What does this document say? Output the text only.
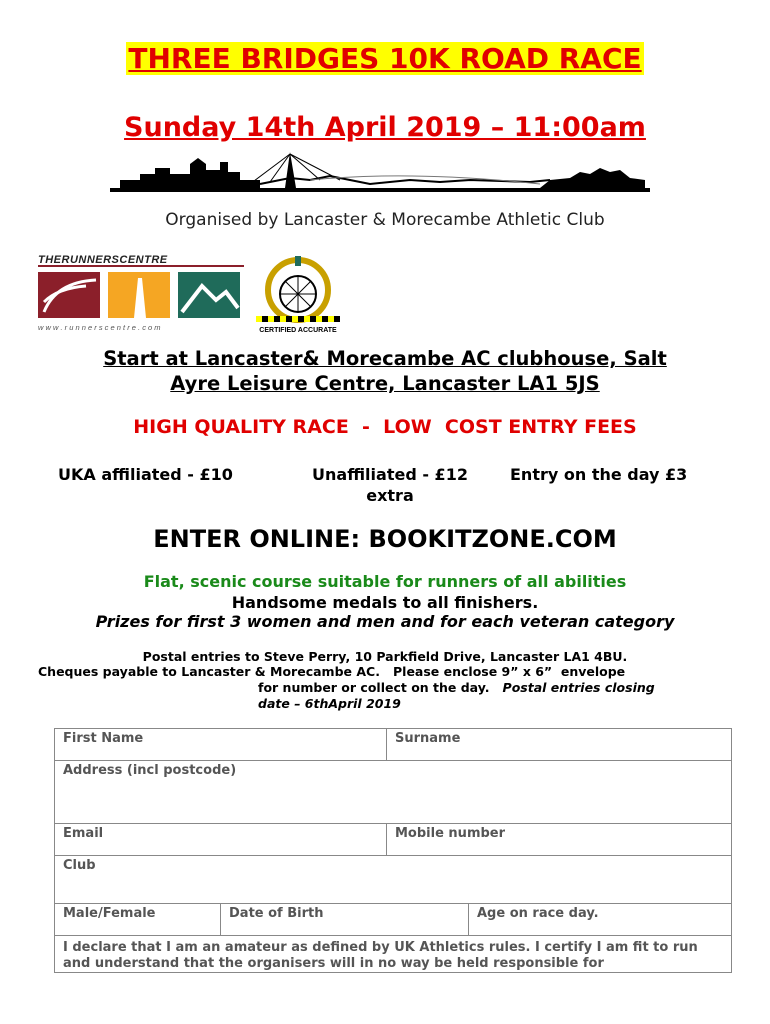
THREE BRIDGES 10K ROAD RACE
Sunday 14th April 2019 – 11:00am
Organised by Lancaster & Morecambe Athletic Club
THERUNNERSCENTRE
w w w . r u n n e r s c e n t r e . c o m	CERTIFIED ACCURATE
Start at Lancaster& Morecambe AC clubhouse, Salt
Ayre Leisure Centre, Lancaster LA1 5JS
HIGH QUALITY RACE  -  LOW  COST ENTRY FEES
UKA affiliated - £10	Unaffiliated - £12
extra
Entry on the day £3
ENTER ONLINE: BOOKITZONE.COM
Flat, scenic course suitable for runners of all abilities
Handsome medals to all finishers.
Prizes for first 3 women and men and for each veteran category
Postal entries to Steve Perry, 10 Parkfield Drive, Lancaster LA1 4BU.
Cheques payable to Lancaster & Morecambe AC.   Please enclose 9” x 6”  envelope
for number or collect on the day.   Postal entries closing
date – 6thApril 2019
First Name	Surname
Address (incl postcode)
Email	Mobile number
Club
Male/Female	Date of Birth	Age on race day.
I declare that I am an amateur as defined by UK Athletics rules. I certify I am fit to run and understand that the organisers will in no way be held responsible for
